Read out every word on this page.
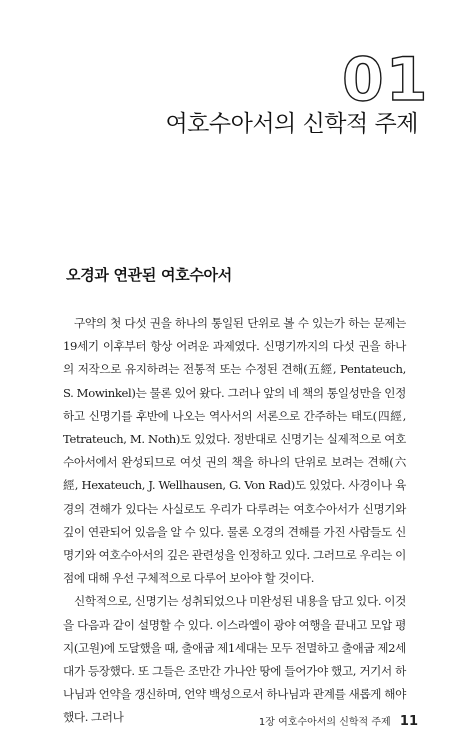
01
여호수아서의 신학적 주제
오경과 연관된 여호수아서

구약의 첫 다섯 권을 하나의 통일된 단위로 볼 수 있는가 하는 문제는 19세기 이후부터 항상 어려운 과제였다. 신명기까지의 다섯 권을 하나의 저작으로 유지하려는 전통적 또는 수정된 견해(五經, Pentateuch, S. Mowinkel)는 물론 있어 왔다. 그러나 앞의 네 책의 통일성만을 인정하고 신명기를 후반에 나오는 역사서의 서론으로 간주하는 태도(四經, Tetrateuch, M. Noth)도 있었다. 정반대로 신명기는 실제적으로 여호수아서에서 완성되므로 여섯 권의 책을 하나의 단위로 보려는 견해(六經, Hexateuch, J. Wellhausen, G. Von Rad)도 있었다. 사경이나 육경의 견해가 있다는 사실로도 우리가 다루려는 여호수아서가 신명기와 깊이 연관되어 있음을 알 수 있다. 물론 오경의 견해를 가진 사람들도 신명기와 여호수아서의 깊은 관련성을 인정하고 있다. 그러므로 우리는 이 점에 대해 우선 구체적으로 다루어 보아야 할 것이다.

신학적으로, 신명기는 성취되었으나 미완성된 내용을 담고 있다. 이것을 다음과 같이 설명할 수 있다. 이스라엘이 광야 여행을 끝내고 모압 평지(고원)에 도달했을 때, 출애굽 제1세대는 모두 전멸하고 출애굽 제2세대가 등장했다. 또 그들은 조만간 가나안 땅에 들어가야 했고, 거기서 하나님과 언약을 갱신하며, 언약 백성으로서 하나님과 관계를 새롭게 해야 했다. 그러나	1장 여호수아서의 신학적 주제 11
